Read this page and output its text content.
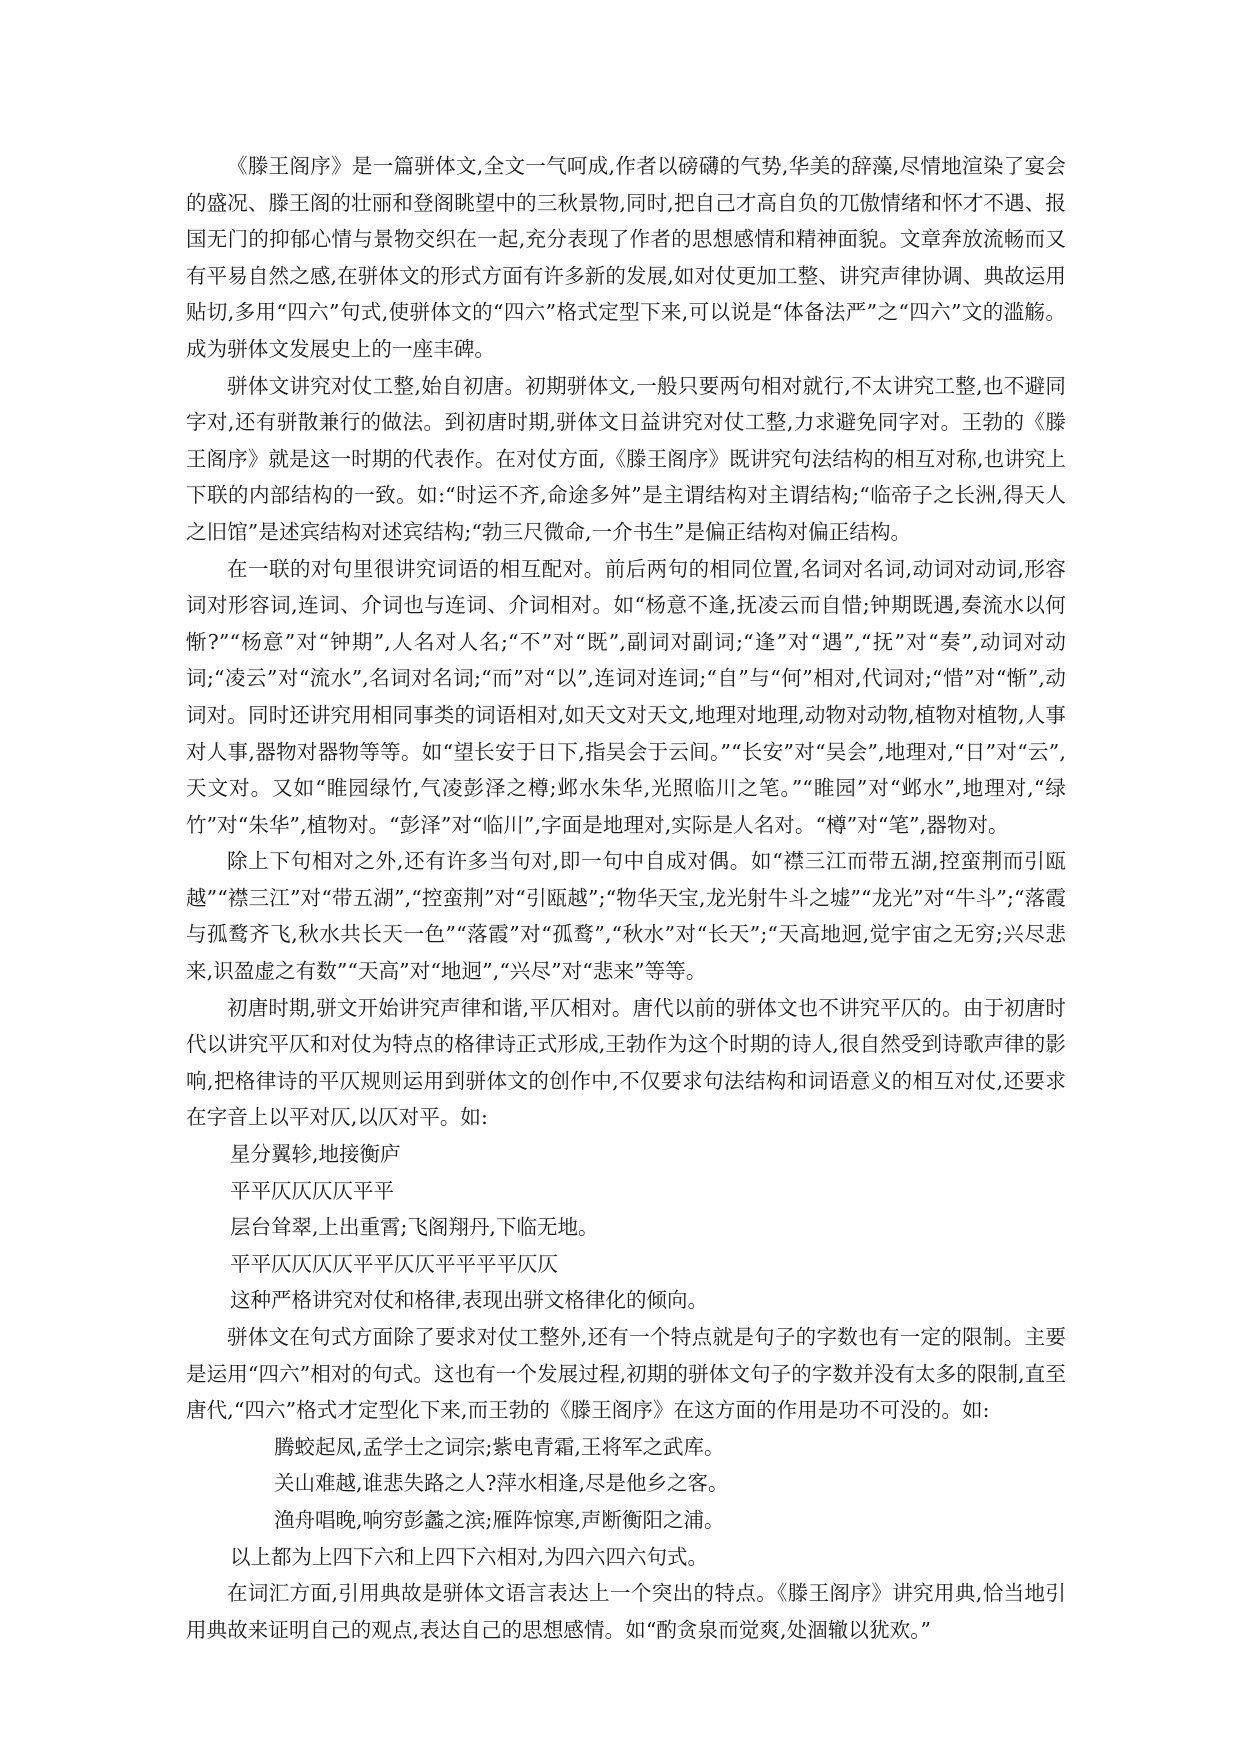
《滕王阁序》是一篇骈体文,全文一气呵成,作者以磅礴的气势,华美的辞藻,尽情地渲染了宴会的盛况、滕王阁的壮丽和登阁眺望中的三秋景物,同时,把自己才高自负的兀傲情绪和怀才不遇、报国无门的抑郁心情与景物交织在一起,充分表现了作者的思想感情和精神面貌。文章奔放流畅而又有平易自然之感,在骈体文的形式方面有许多新的发展,如对仗更加工整、讲究声律协调、典故运用贴切,多用“四六”句式,使骈体文的“四六”格式定型下来,可以说是“体备法严”之“四六”文的滥觞。成为骈体文发展史上的一座丰碑。

骈体文讲究对仗工整,始自初唐。初期骈体文,一般只要两句相对就行,不太讲究工整,也不避同字对,还有骈散兼行的做法。到初唐时期,骈体文日益讲究对仗工整,力求避免同字对。王勃的《滕王阁序》就是这一时期的代表作。在对仗方面,《滕王阁序》既讲究句法结构的相互对称,也讲究上下联的内部结构的一致。如:“时运不齐,命途多舛”是主谓结构对主谓结构;“临帝子之长洲,得天人之旧馆”是述宾结构对述宾结构;“勃三尺微命,一介书生”是偏正结构对偏正结构。

在一联的对句里很讲究词语的相互配对。前后两句的相同位置,名词对名词,动词对动词,形容词对形容词,连词、介词也与连词、介词相对。如“杨意不逢,抚凌云而自惜;钟期既遇,奏流水以何惭?”“杨意”对“钟期”,人名对人名;“不”对“既”,副词对副词;“逢”对“遇”,“抚”对“奏”,动词对动词;“凌云”对“流水”,名词对名词;“而”对“以”,连词对连词;“自”与“何”相对,代词对;“惜”对“惭”,动词对。同时还讲究用相同事类的词语相对,如天文对天文,地理对地理,动物对动物,植物对植物,人事对人事,器物对器物等等。如“望长安于日下,指吴会于云间。”“长安”对“吴会”,地理对,“日”对“云”,天文对。又如“睢园绿竹,气凌彭泽之樽;邺水朱华,光照临川之笔。”“睢园”对“邺水”,地理对,“绿竹”对“朱华”,植物对。“彭泽”对“临川”,字面是地理对,实际是人名对。“樽”对“笔”,器物对。

除上下句相对之外,还有许多当句对,即一句中自成对偶。如“襟三江而带五湖,控蛮荆而引瓯越”“襟三江”对“带五湖”,“控蛮荆”对“引瓯越”;“物华天宝,龙光射牛斗之墟”“龙光”对“牛斗”;“落霞与孤鹜齐飞,秋水共长天一色”“落霞”对“孤鹜”,“秋水”对“长天”;“天高地迥,觉宇宙之无穷;兴尽悲来,识盈虚之有数”“天高”对“地迥”,“兴尽”对“悲来”等等。

初唐时期,骈文开始讲究声律和谐,平仄相对。唐代以前的骈体文也不讲究平仄的。由于初唐时代以讲究平仄和对仗为特点的格律诗正式形成,王勃作为这个时期的诗人,很自然受到诗歌声律的影响,把格律诗的平仄规则运用到骈体文的创作中,不仅要求句法结构和词语意义的相互对仗,还要求在字音上以平对仄,以仄对平。如:

星分翼轸,地接衡庐
平平仄仄仄仄平平
层台耸翠,上出重霄;飞阁翔丹,下临无地。
平平仄仄仄仄平平仄仄平平平平仄仄
这种严格讲究对仗和格律,表现出骈文格律化的倾向。

骈体文在句式方面除了要求对仗工整外,还有一个特点就是句子的字数也有一定的限制。主要是运用“四六”相对的句式。这也有一个发展过程,初期的骈体文句子的字数并没有太多的限制,直至唐代,“四六”格式才定型化下来,而王勃的《滕王阁序》在这方面的作用是功不可没的。如:

腾蛟起凤,孟学士之词宗;紫电青霜,王将军之武库。
关山难越,谁悲失路之人?萍水相逢,尽是他乡之客。
渔舟唱晚,响穷彭蠡之滨;雁阵惊寒,声断衡阳之浦。
以上都为上四下六和上四下六相对,为四六四六句式。

在词汇方面,引用典故是骈体文语言表达上一个突出的特点。《滕王阁序》讲究用典,恰当地引用典故来证明自己的观点,表达自己的思想感情。如“酌贪泉而觉爽,处涸辙以犹欢。”
